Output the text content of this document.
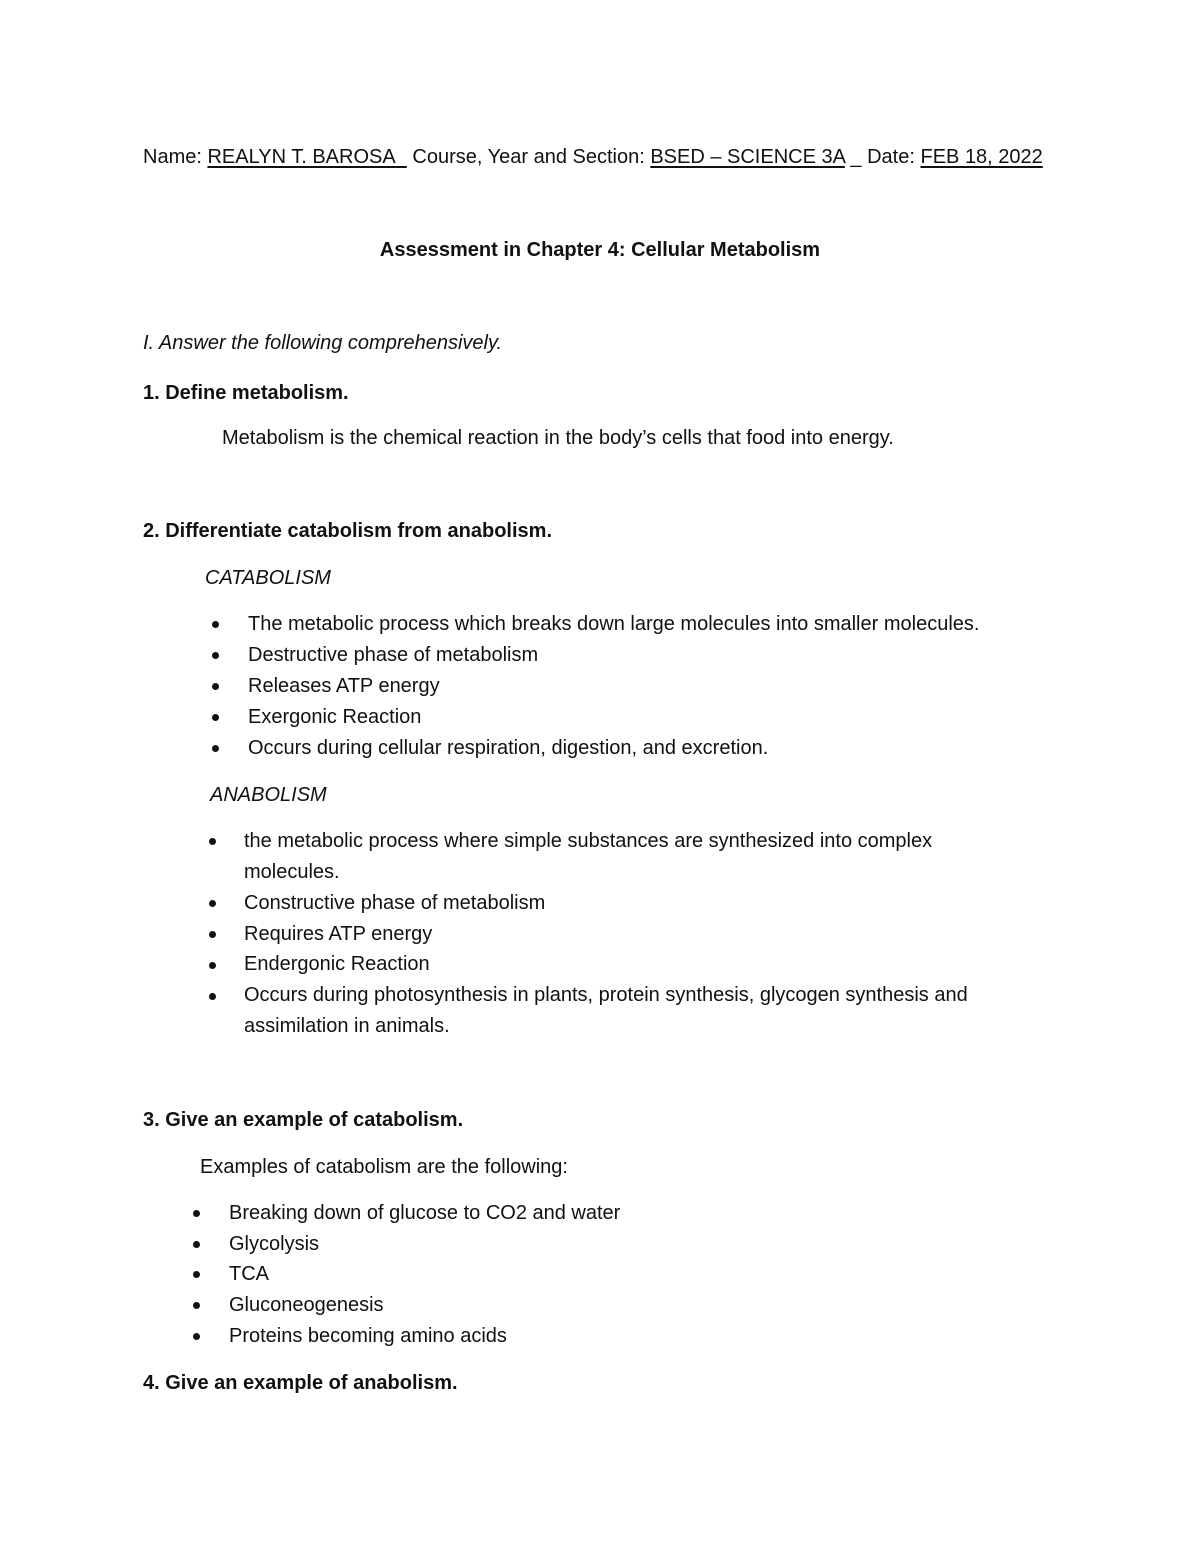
Name: REALYN T. BAROSA Course, Year and Section: BSED – SCIENCE 3A _ Date: FEB 18, 2022
Assessment in Chapter 4: Cellular Metabolism
I. Answer the following comprehensively.
1. Define metabolism.
Metabolism is the chemical reaction in the body’s cells that food into energy.
2. Differentiate catabolism from anabolism.
CATABOLISM
The metabolic process which breaks down large molecules into smaller molecules.
Destructive phase of metabolism
Releases ATP energy
Exergonic Reaction
Occurs during cellular respiration, digestion, and excretion.
ANABOLISM
the metabolic process where simple substances are synthesized into complex
molecules.
Constructive phase of metabolism
Requires ATP energy
Endergonic Reaction
Occurs during photosynthesis in plants, protein synthesis, glycogen synthesis and
assimilation in animals.
3. Give an example of catabolism.
Examples of catabolism are the following:
Breaking down of glucose to CO2 and water
Glycolysis
TCA
Gluconeogenesis
Proteins becoming amino acids
4. Give an example of anabolism.
